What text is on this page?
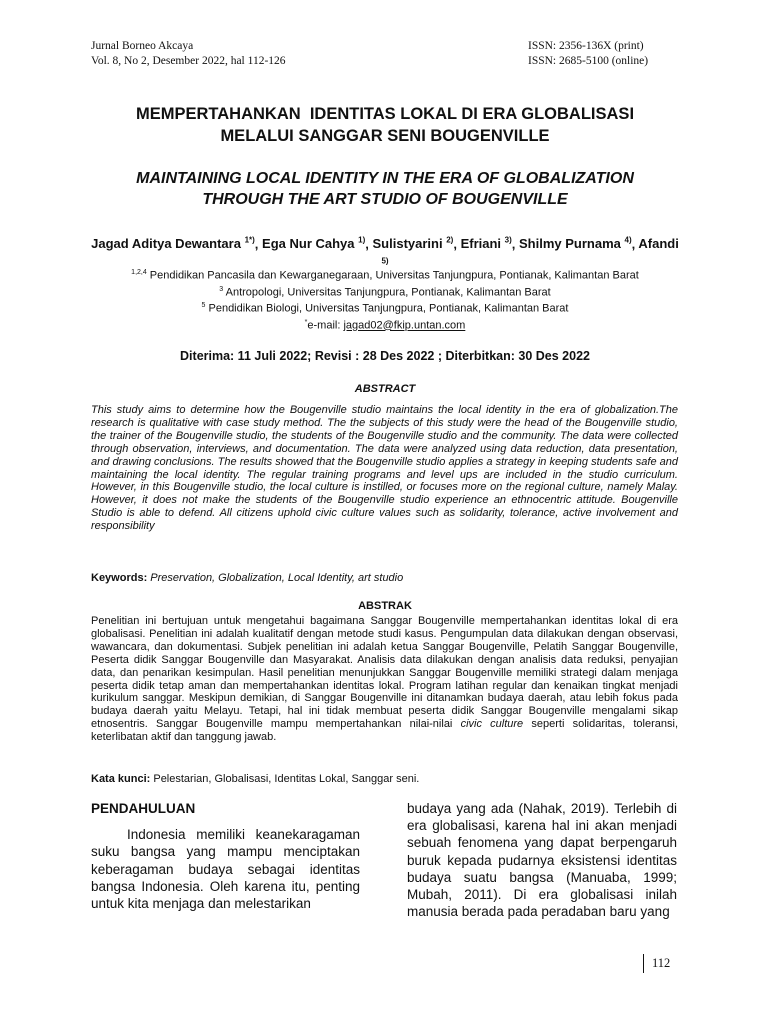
Jurnal Borneo Akcaya
Vol. 8, No 2, Desember 2022, hal 112-126
ISSN: 2356-136X (print)
ISSN: 2685-5100 (online)
MEMPERTAHANKAN  IDENTITAS LOKAL DI ERA GLOBALISASI
MELALUI SANGGAR SENI BOUGENVILLE
MAINTAINING LOCAL IDENTITY IN THE ERA OF GLOBALIZATION
THROUGH THE ART STUDIO OF BOUGENVILLE
Jagad Aditya Dewantara $^{1*)}$, Ega Nur Cahya $^{1)}$, Sulistyarini $^{2)}$, Efriani $^{3)}$, Shilmy Purnama $^{4)}$, Afandi $^{5)}$
$^{1,2,4}$ Pendidikan Pancasila dan Kewarganegaraan, Universitas Tanjungpura, Pontianak, Kalimantan Barat
$^3$ Antropologi, Universitas Tanjungpura, Pontianak, Kalimantan Barat
$^5$ Pendidikan Biologi, Universitas Tanjungpura, Pontianak, Kalimantan Barat
*e-mail: jagad02@fkip.untan.com
Diterima: 11 Juli 2022; Revisi : 28 Des 2022 ; Diterbitkan: 30 Des 2022
ABSTRACT
This study aims to determine how the Bougenville studio maintains the local identity in the era of globalization.The research is qualitative with case study method. The the subjects of this study were the head of the Bougenville studio, the trainer of the Bougenville studio, the students of the Bougenville studio and the community. The data were collected through observation, interviews, and documentation. The data were analyzed using data reduction, data presentation, and drawing conclusions. The results showed that the Bougenville studio applies a strategy in keeping students safe and maintaining the local identity. The regular training programs and level ups are included in the studio curriculum. However, in this Bougenville studio, the local culture is instilled, or focuses more on the regional culture, namely Malay. However, it does not make the students of the Bougenville studio experience an ethnocentric attitude. Bougenville Studio is able to defend. All citizens uphold civic culture values such as solidarity, tolerance, active involvement and responsibility
Keywords: Preservation, Globalization, Local Identity, art studio
ABSTRAK
Penelitian ini bertujuan untuk mengetahui bagaimana Sanggar Bougenville mempertahankan identitas lokal di era globalisasi. Penelitian ini adalah kualitatif dengan metode studi kasus. Pengumpulan data dilakukan dengan observasi, wawancara, dan dokumentasi. Subjek penelitian ini adalah ketua Sanggar Bougenville, Pelatih Sanggar Bougenville, Peserta didik Sanggar Bougenville dan Masyarakat. Analisis data dilakukan dengan analisis data reduksi, penyajian data, dan penarikan kesimpulan. Hasil penelitian menunjukkan Sanggar Bougenville memiliki strategi dalam menjaga peserta didik tetap aman dan mempertahankan identitas lokal. Program latihan regular dan kenaikan tingkat menjadi kurikulum sanggar. Meskipun demikian, di Sanggar Bougenville ini ditanamkan budaya daerah, atau lebih fokus pada budaya daerah yaitu Melayu. Tetapi, hal ini tidak membuat peserta didik Sanggar Bougenville mengalami sikap etnosentris. Sanggar Bougenville mampu mempertahankan nilai-nilai civic culture seperti solidaritas, toleransi, keterlibatan aktif dan tanggung jawab.
Kata kunci: Pelestarian, Globalisasi, Identitas Lokal, Sanggar seni.
PENDAHULUAN

Indonesia memiliki keanekaragaman suku bangsa yang mampu menciptakan keberagaman budaya sebagai identitas bangsa Indonesia. Oleh karena itu, penting untuk kita menjaga dan melestarikan

budaya yang ada (Nahak, 2019). Terlebih di era globalisasi, karena hal ini akan menjadi sebuah fenomena yang dapat berpengaruh buruk kepada pudarnya eksistensi identitas budaya suatu bangsa (Manuaba, 1999; Mubah, 2011). Di era globalisasi inilah manusia berada pada peradaban baru yang

112
